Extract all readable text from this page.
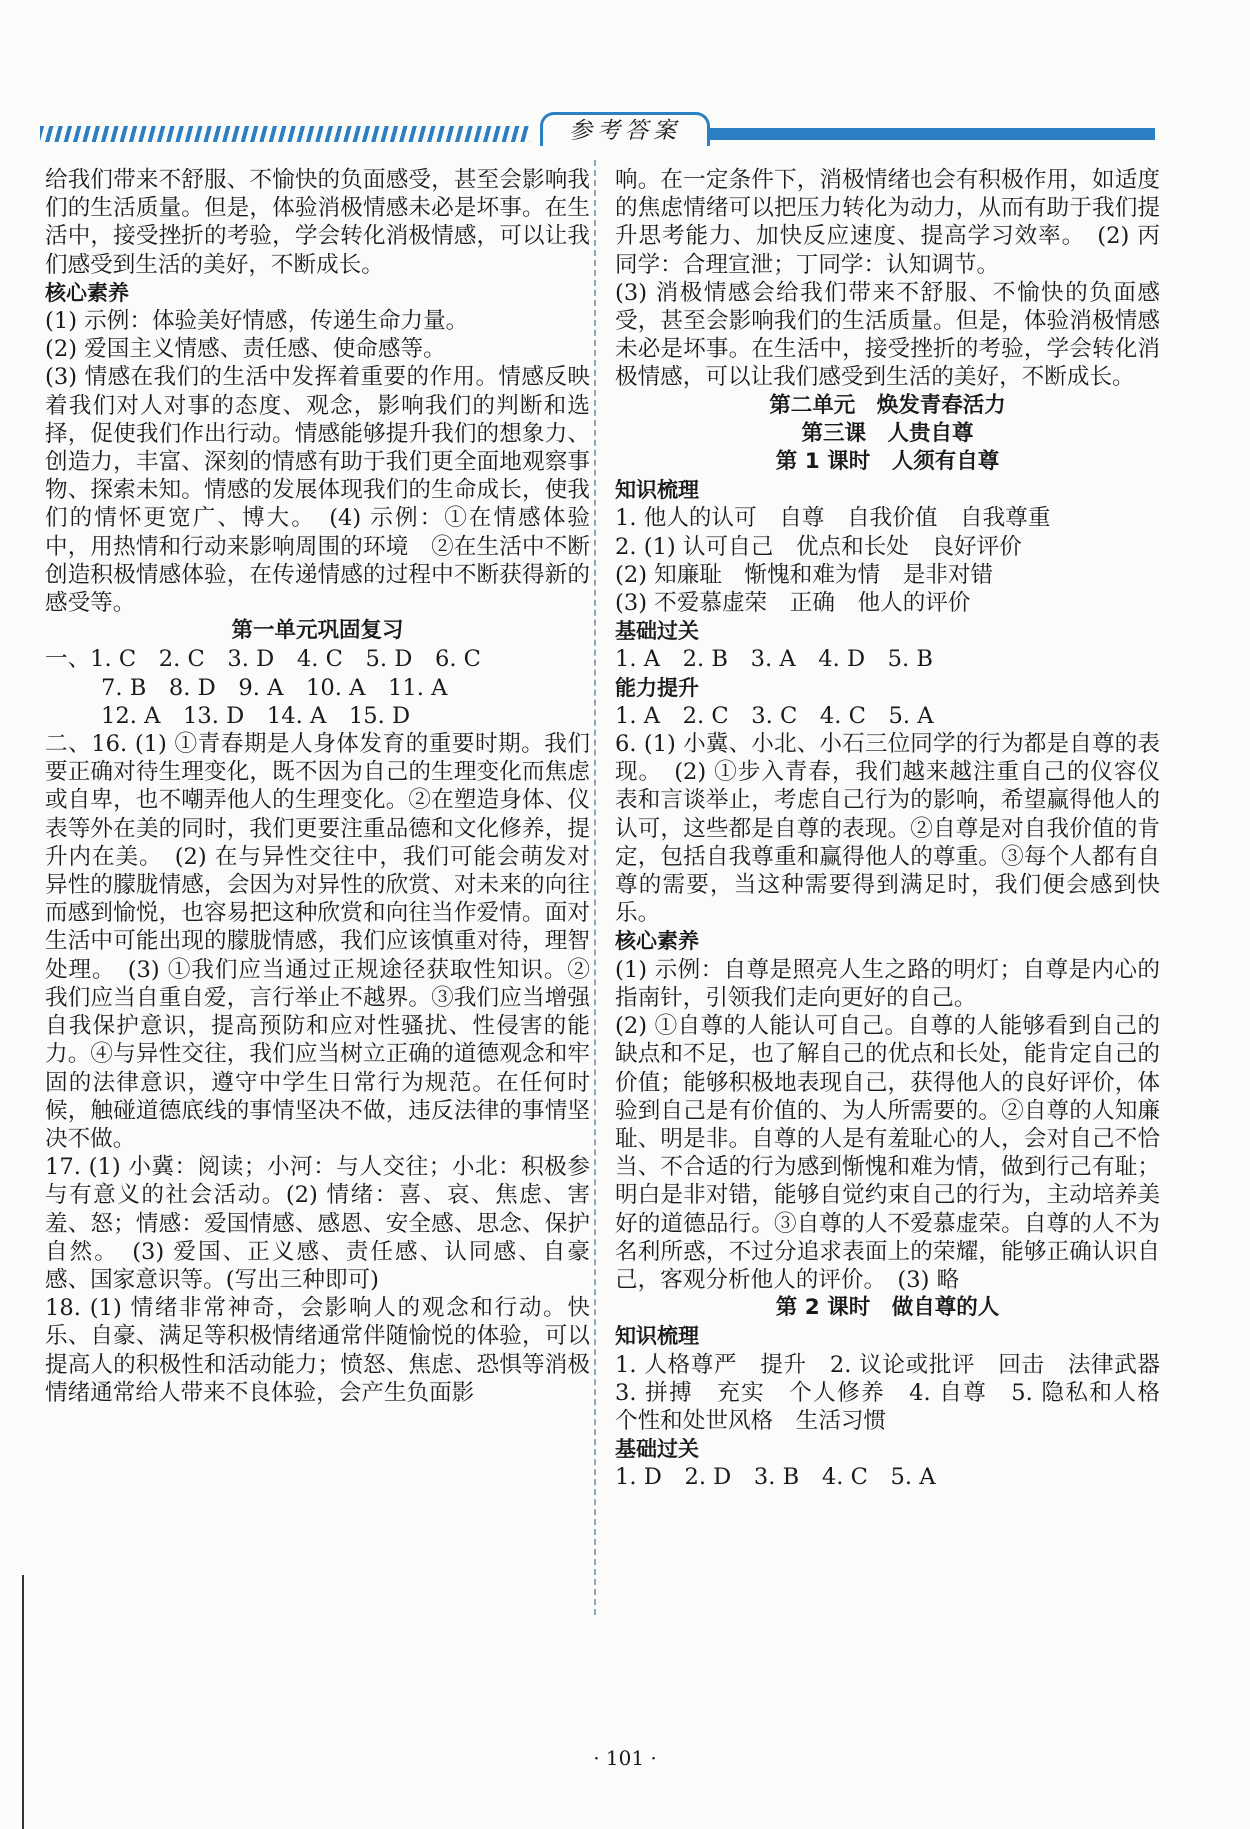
参考答案
给我们带来不舒服、不愉快的负面感受，甚至会影响我们的生活质量。但是，体验消极情感未必是坏事。在生活中，接受挫折的考验，学会转化消极情感，可以让我们感受到生活的美好，不断成长。
核心素养
(1) 示例：体验美好情感，传递生命力量。
(2) 爱国主义情感、责任感、使命感等。
(3) 情感在我们的生活中发挥着重要的作用。情感反映着我们对人对事的态度、观念，影响我们的判断和选择，促使我们作出行动。情感能够提升我们的想象力、创造力，丰富、深刻的情感有助于我们更全面地观察事物、探索未知。情感的发展体现我们的生命成长，使我们的情怀更宽广、博大。　(4) 示例：①在情感体验中，用热情和行动来影响周围的环境　②在生活中不断创造积极情感体验，在传递情感的过程中不断获得新的感受等。
第一单元巩固复习
一、1. C　2. C　3. D　4. C　5. D　6. C
7. B　8. D　9. A　10. A　11. A
12. A　13. D　14. A　15. D
二、16. (1) ①青春期是人身体发育的重要时期。我们要正确对待生理变化，既不因为自己的生理变化而焦虑或自卑，也不嘲弄他人的生理变化。②在塑造身体、仪表等外在美的同时，我们更要注重品德和文化修养，提升内在美。　(2) 在与异性交往中，我们可能会萌发对异性的朦胧情感，会因为对异性的欣赏、对未来的向往而感到愉悦，也容易把这种欣赏和向往当作爱情。面对生活中可能出现的朦胧情感，我们应该慎重对待，理智处理。　(3) ①我们应当通过正规途径获取性知识。②我们应当自重自爱，言行举止不越界。③我们应当增强自我保护意识，提高预防和应对性骚扰、性侵害的能力。④与异性交往，我们应当树立正确的道德观念和牢固的法律意识，遵守中学生日常行为规范。在任何时候，触碰道德底线的事情坚决不做，违反法律的事情坚决不做。
17. (1) 小冀：阅读；小河：与人交往；小北：积极参与有意义的社会活动。(2) 情绪：喜、哀、焦虑、害羞、怒；情感：爱国情感、感恩、安全感、思念、保护自然。　(3) 爱国、正义感、责任感、认同感、自豪感、国家意识等。(写出三种即可)
18. (1) 情绪非常神奇，会影响人的观念和行动。快乐、自豪、满足等积极情绪通常伴随愉悦的体验，可以提高人的积极性和活动能力；愤怒、焦虑、恐惧等消极情绪通常给人带来不良体验，会产生负面影
响。在一定条件下，消极情绪也会有积极作用，如适度的焦虑情绪可以把压力转化为动力，从而有助于我们提升思考能力、加快反应速度、提高学习效率。　(2) 丙同学：合理宣泄；丁同学：认知调节。
(3) 消极情感会给我们带来不舒服、不愉快的负面感受，甚至会影响我们的生活质量。但是，体验消极情感未必是坏事。在生活中，接受挫折的考验，学会转化消极情感，可以让我们感受到生活的美好，不断成长。
第二单元　焕发青春活力
第三课　人贵自尊
第 1 课时　人须有自尊
知识梳理
1. 他人的认可　自尊　自我价值　自我尊重
2. (1) 认可自己　优点和长处　良好评价
(2) 知廉耻　惭愧和难为情　是非对错
(3) 不爱慕虚荣　正确　他人的评价
基础过关
1. A　2. B　3. A　4. D　5. B
能力提升
1. A　2. C　3. C　4. C　5. A
6. (1) 小冀、小北、小石三位同学的行为都是自尊的表现。　(2) ①步入青春，我们越来越注重自己的仪容仪表和言谈举止，考虑自己行为的影响，希望赢得他人的认可，这些都是自尊的表现。②自尊是对自我价值的肯定，包括自我尊重和赢得他人的尊重。③每个人都有自尊的需要，当这种需要得到满足时，我们便会感到快乐。
核心素养
(1) 示例：自尊是照亮人生之路的明灯；自尊是内心的指南针，引领我们走向更好的自己。
(2) ①自尊的人能认可自己。自尊的人能够看到自己的缺点和不足，也了解自己的优点和长处，能肯定自己的价值；能够积极地表现自己，获得他人的良好评价，体验到自己是有价值的、为人所需要的。②自尊的人知廉耻、明是非。自尊的人是有羞耻心的人，会对自己不恰当、不合适的行为感到惭愧和难为情，做到行己有耻；明白是非对错，能够自觉约束自己的行为，主动培养美好的道德品行。③自尊的人不爱慕虚荣。自尊的人不为名利所惑，不过分追求表面上的荣耀，能够正确认识自己，客观分析他人的评价。　(3) 略
第 2 课时　做自尊的人
知识梳理
1. 人格尊严　提升　2. 议论或批评　回击　法律武器　3. 拼搏　充实　个人修养　4. 自尊　5. 隐私和人格　个性和处世风格　生活习惯
基础过关
1. D　2. D　3. B　4. C　5. A
· 101 ·
